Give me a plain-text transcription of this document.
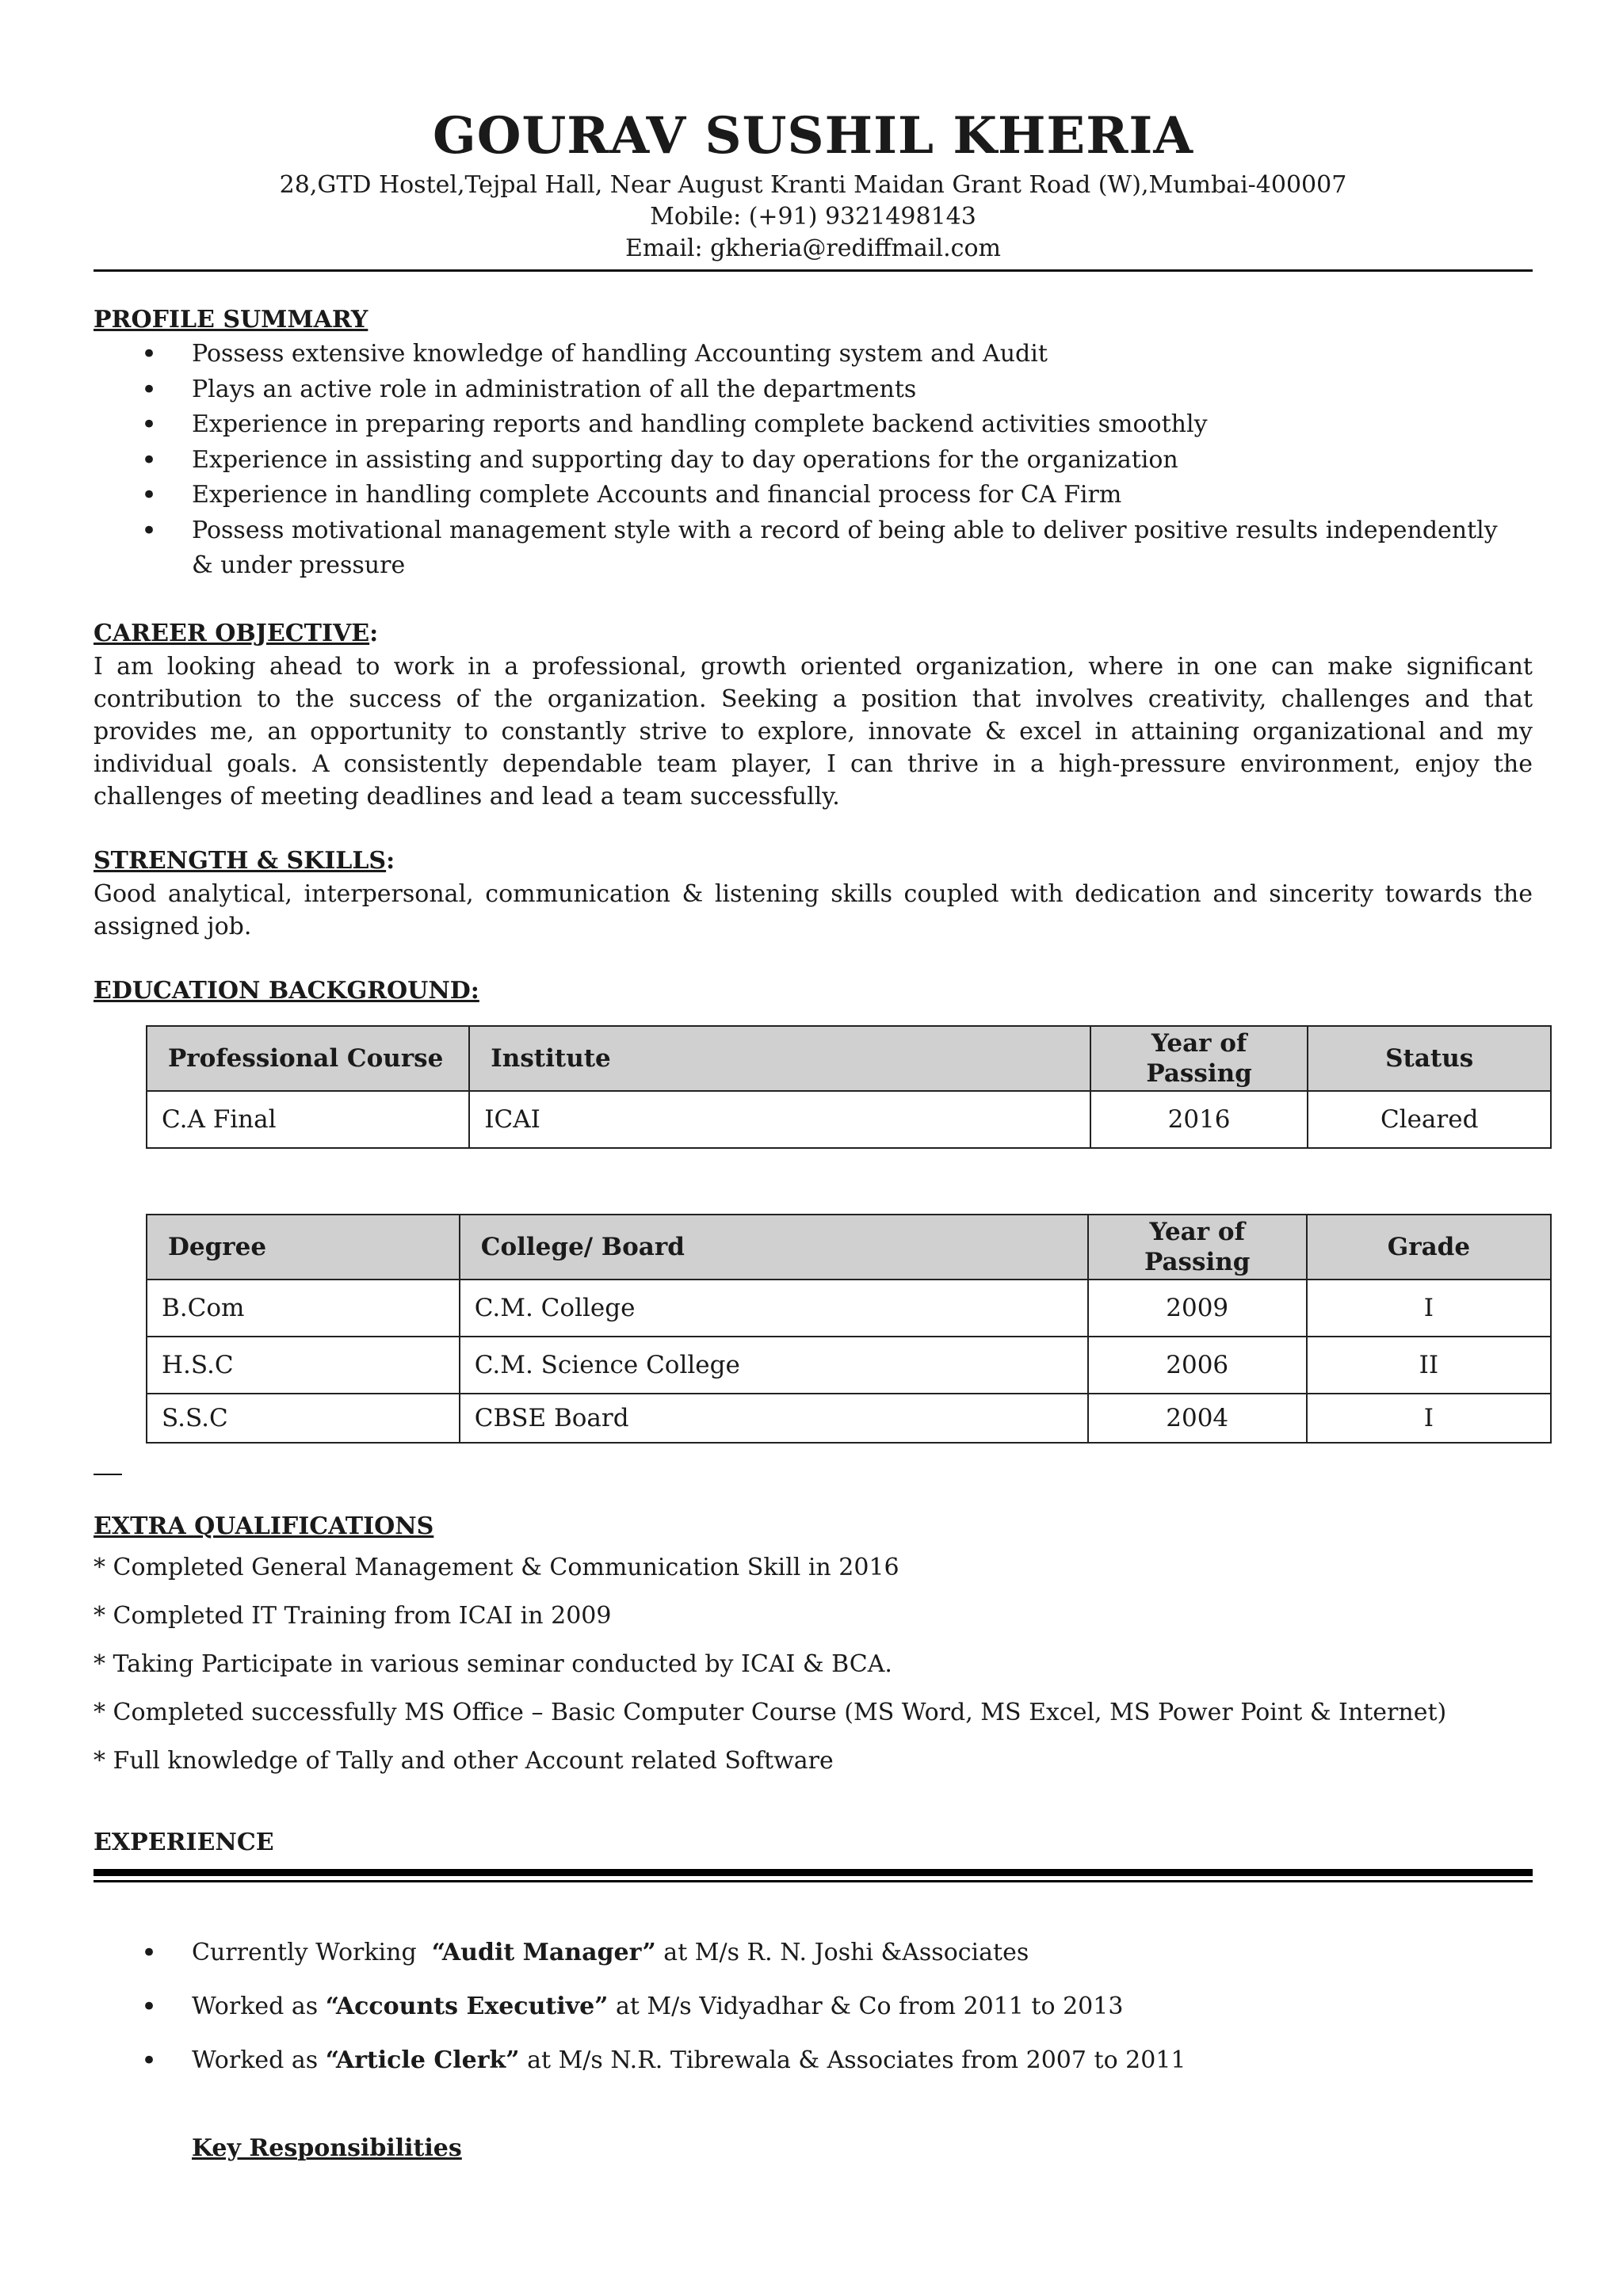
GOURAV SUSHIL KHERIA
28,GTD Hostel,Tejpal Hall, Near August Kranti Maidan Grant Road (W),Mumbai-400007
Mobile: (+91) 9321498143
Email: gkheria@rediffmail.com
PROFILE SUMMARY
• Possess extensive knowledge of handling Accounting system and Audit
• Plays an active role in administration of all the departments
• Experience in preparing reports and handling complete backend activities smoothly
• Experience in assisting and supporting day to day operations for the organization
• Experience in handling complete Accounts and financial process for CA Firm
• Possess motivational management style with a record of being able to deliver positive results independently & under pressure
CAREER OBJECTIVE:
I am looking ahead to work in a professional, growth oriented organization, where in one can make significant contribution to the success of the organization. Seeking a position that involves creativity, challenges and that provides me, an opportunity to constantly strive to explore, innovate & excel in attaining organizational and my individual goals. A consistently dependable team player, I can thrive in a high-pressure environment, enjoy the challenges of meeting deadlines and lead a team successfully.
STRENGTH & SKILLS:
Good analytical, interpersonal, communication & listening skills coupled with dedication and sincerity towards the assigned job.
EDUCATION BACKGROUND:
Professional Course	Institute	Year of Passing	Status
C.A Final	ICAI	2016	Cleared
Degree	College/ Board	Year of Passing	Grade
B.Com	C.M. College	2009	I
H.S.C	C.M. Science College	2006	II
S.S.C	CBSE Board	2004	I
EXTRA QUALIFICATIONS

* Completed General Management & Communication Skill in 2016

* Completed IT Training from ICAI in 2009

* Taking Participate in various seminar conducted by ICAI & BCA.

* Completed successfully MS Office – Basic Computer Course (MS Word, MS Excel, MS Power Point & Internet)

* Full knowledge of Tally and other Account related Software

EXPERIENCE
• Currently Working  “Audit Manager” at M/s R. N. Joshi &Associates
• Worked as “Accounts Executive” at M/s Vidyadhar & Co from 2011 to 2013
• Worked as “Article Clerk” at M/s N.R. Tibrewala & Associates from 2007 to 2011
Key Responsibilities
